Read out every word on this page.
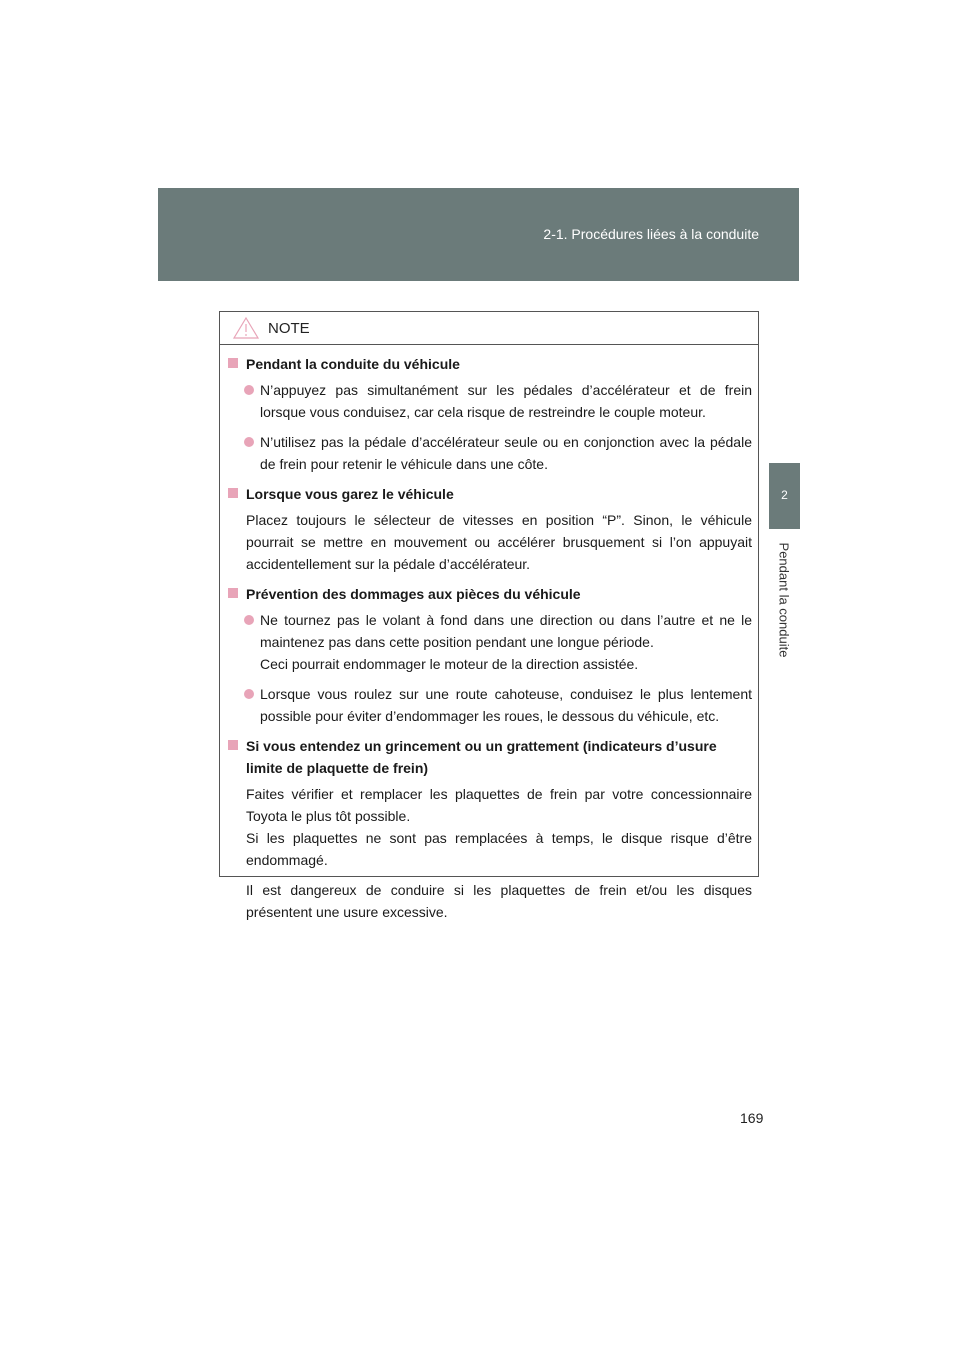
2-1. Procédures liées à la conduite
2
Pendant la conduite
NOTE
Pendant la conduite du véhicule
N’appuyez pas simultanément sur les pédales d’accélérateur et de frein lorsque vous conduisez, car cela risque de restreindre le couple moteur.
N’utilisez pas la pédale d’accélérateur seule ou en conjonction avec la pédale de frein pour retenir le véhicule dans une côte.
Lorsque vous garez le véhicule
Placez toujours le sélecteur de vitesses en position “P”. Sinon, le véhicule pourrait se mettre en mouvement ou accélérer brusquement si l’on appuyait accidentellement sur la pédale d’accélérateur.
Prévention des dommages aux pièces du véhicule
Ne tournez pas le volant à fond dans une direction ou dans l’autre et ne le maintenez pas dans cette position pendant une longue période.
Ceci pourrait endommager le moteur de la direction assistée.
Lorsque vous roulez sur une route cahoteuse, conduisez le plus lentement possible pour éviter d’endommager les roues, le dessous du véhicule, etc.
Si vous entendez un grincement ou un grattement (indicateurs d’usure limite de plaquette de frein)
Faites vérifier et remplacer les plaquettes de frein par votre concessionnaire Toyota le plus tôt possible.
Si les plaquettes ne sont pas remplacées à temps, le disque risque d’être endommagé.
Il est dangereux de conduire si les plaquettes de frein et/ou les disques présentent une usure excessive.
169
